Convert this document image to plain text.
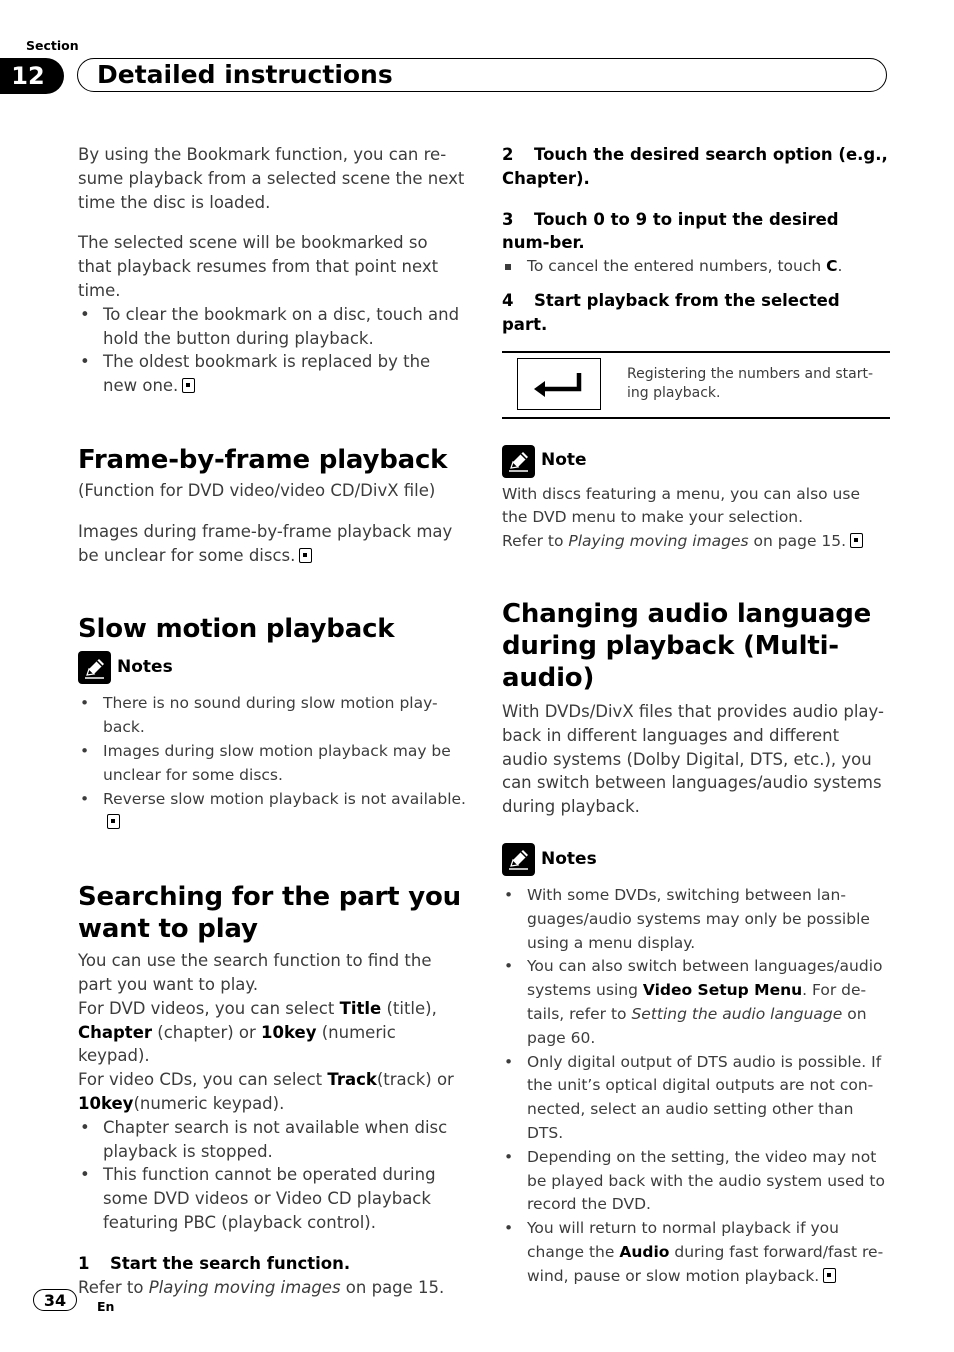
Section
12	Detailed instructions

By using the Bookmark function, you can re-sume playback from a selected scene the next time the disc is loaded.

The selected scene will be bookmarked so that playback resumes from that point next time.

• To clear the bookmark on a disc, touch and hold the button during playback.
• The oldest bookmark is replaced by the new one.
Frame-by-frame playback

(Function for DVD video/video CD/DivX file)

Images during frame-by-frame playback may be unclear for some discs.

Slow motion playback
Notes
• There is no sound during slow motion play-back.
• Images during slow motion playback may be unclear for some discs.
• Reverse slow motion playback is not available.
Searching for the part you
want to play

You can use the search function to find the part you want to play.

For DVD videos, you can select Title (title), Chapter (chapter) or 10key (numeric keypad).

For video CDs, you can select Track(track) or 10key(numeric keypad).

• Chapter search is not available when disc playback is stopped.
• This function cannot be operated during some DVD videos or Video CD playback featuring PBC (playback control).

1 Start the search function.

Refer to Playing moving images on page 15.

2 Touch the desired search option (e.g., Chapter).

3 Touch 0 to 9 to input the desired num-ber.

To cancel the entered numbers, touch C.

4 Start playback from the selected part.

Registering the numbers and start-ing playback.
Note

With discs featuring a menu, you can also use the DVD menu to make your selection.

Refer to Playing moving images on page 15.

Changing audio language
during playback (Multi-audio)

With DVDs/DivX files that provides audio play-back in different languages and different audio systems (Dolby Digital, DTS, etc.), you can switch between languages/audio systems during playback.

Notes
• With some DVDs, switching between lan-guages/audio systems may only be possible using a menu display.
• You can also switch between languages/audio systems using Video Setup Menu. For de-tails, refer to Setting the audio language on page 60.
• Only digital output of DTS audio is possible. If the unit’s optical digital outputs are not con-nected, select an audio setting other than DTS.
• Depending on the setting, the video may not be played back with the audio system used to record the DVD.
• You will return to normal playback if you change the Audio during fast forward/fast re-wind, pause or slow motion playback.
34	En
